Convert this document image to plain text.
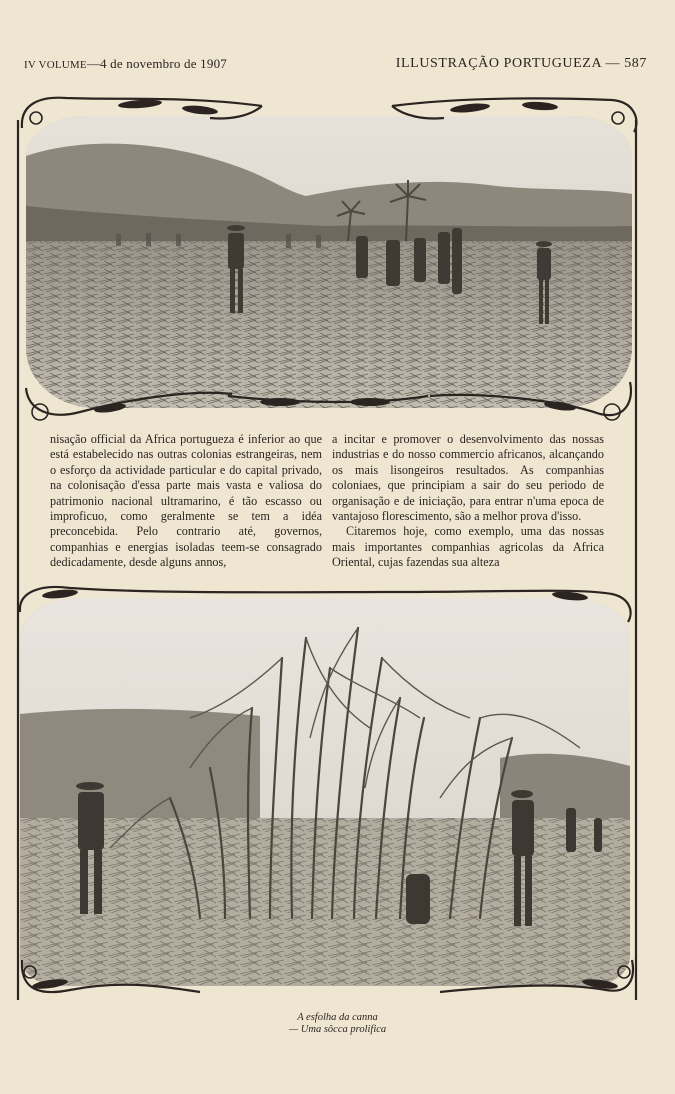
IV VOLUME—4 de novembro de 1907	ILLUSTRAÇÃO PORTUGUEZA — 587

nisação official da Africa portugueza é inferior ao que está estabelecido nas outras colonias estrangeiras, nem o esforço da actividade particular e do capital privado, na colonisação d'essa parte mais vasta e valiosa do patrimonio nacional ultramarino, é tão escasso ou improficuo, como geralmente se tem a idéa preconcebida. Pelo contrario até, governos, companhias e energias isoladas teem-se consagrado dedicadamente, desde alguns annos,

a incitar e promover o desenvolvimento das nossas industrias e do nosso commercio africanos, alcançando os mais lisongeiros resultados. As companhias coloniaes, que principiam a sair do seu periodo de organisação e de iniciação, para entrar n'uma epoca de vantajoso florescimento, são a melhor prova d'isso.

Citaremos hoje, como exemplo, uma das nossas mais importantes companhias agricolas da Africa Oriental, cujas fazendas sua alteza

A esfolha da canna
— Uma sôcca prolifica
